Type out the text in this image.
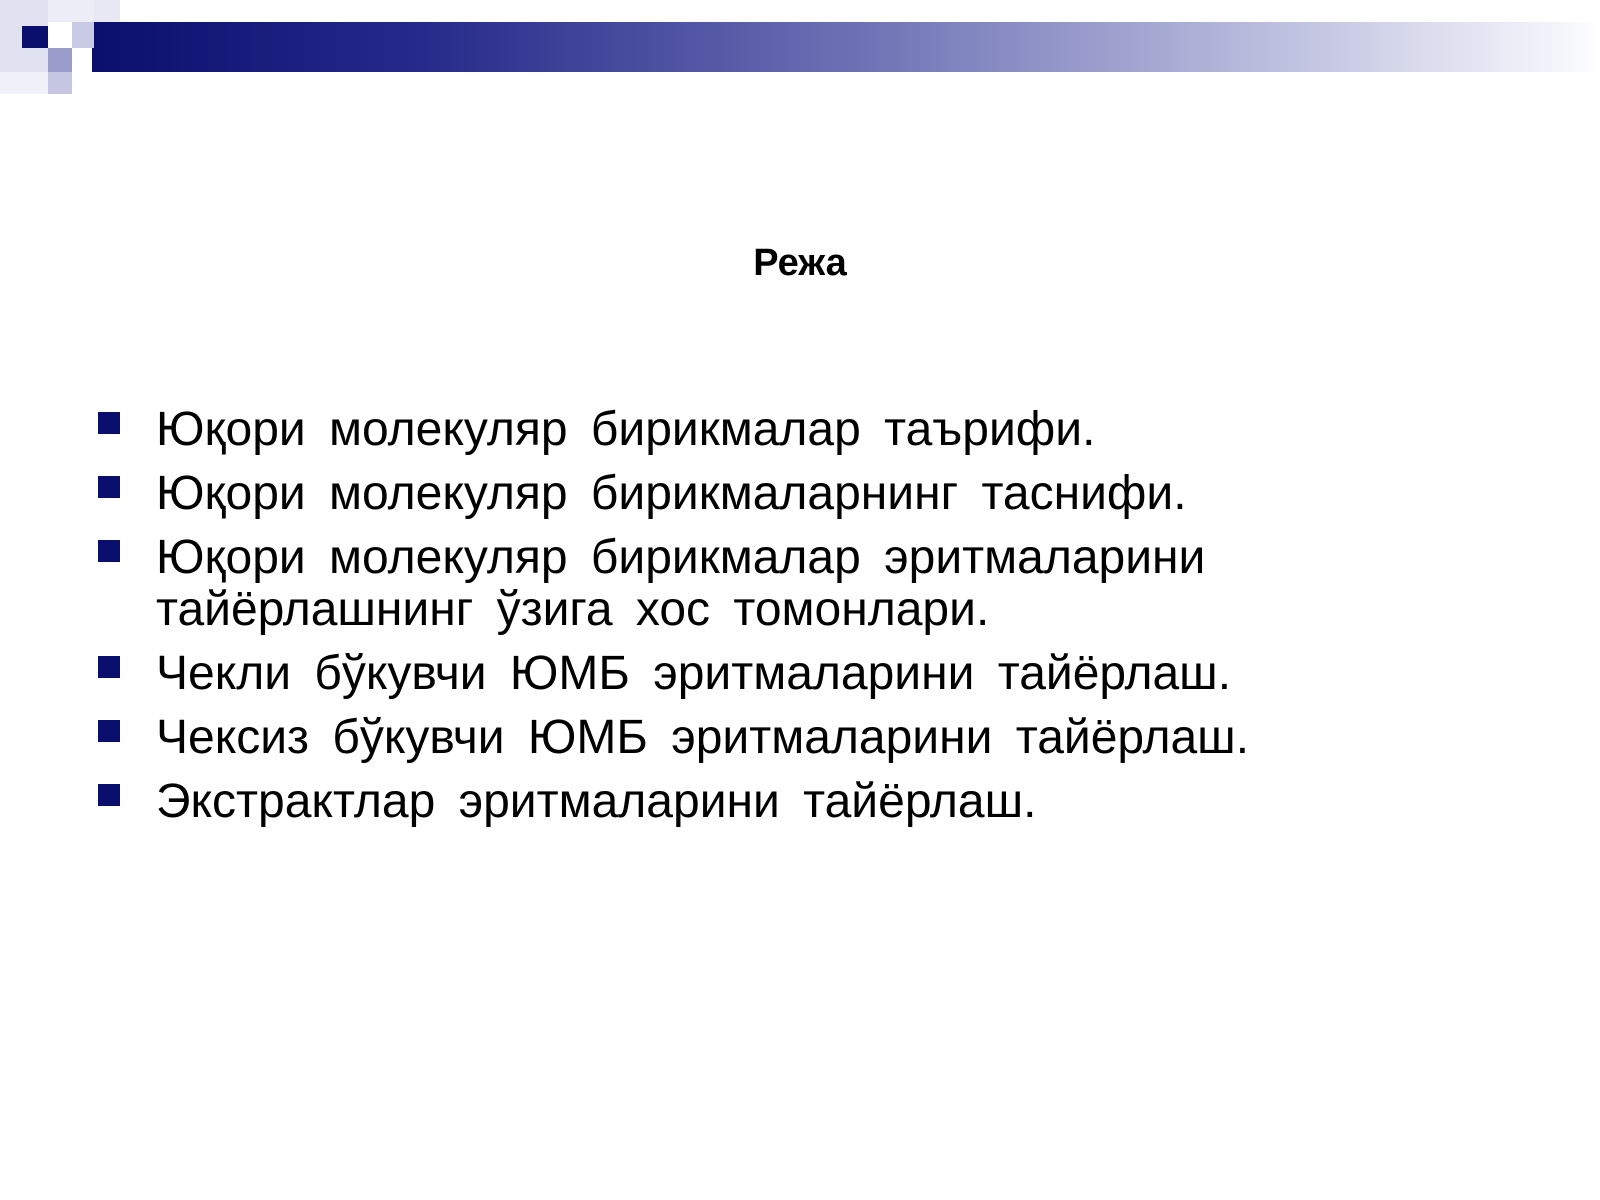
Режа
Юқори молекуляр бирикмалар таърифи.
Юқори молекуляр бирикмаларнинг таснифи.
Юқори молекуляр бирикмалар эритмаларини тайёрлашнинг ўзига хос томонлари.
Чекли бўкувчи ЮМБ эритмаларини тайёрлаш.
Чексиз бўкувчи ЮМБ эритмаларини тайёрлаш.
Экстрактлар эритмаларини тайёрлаш.
